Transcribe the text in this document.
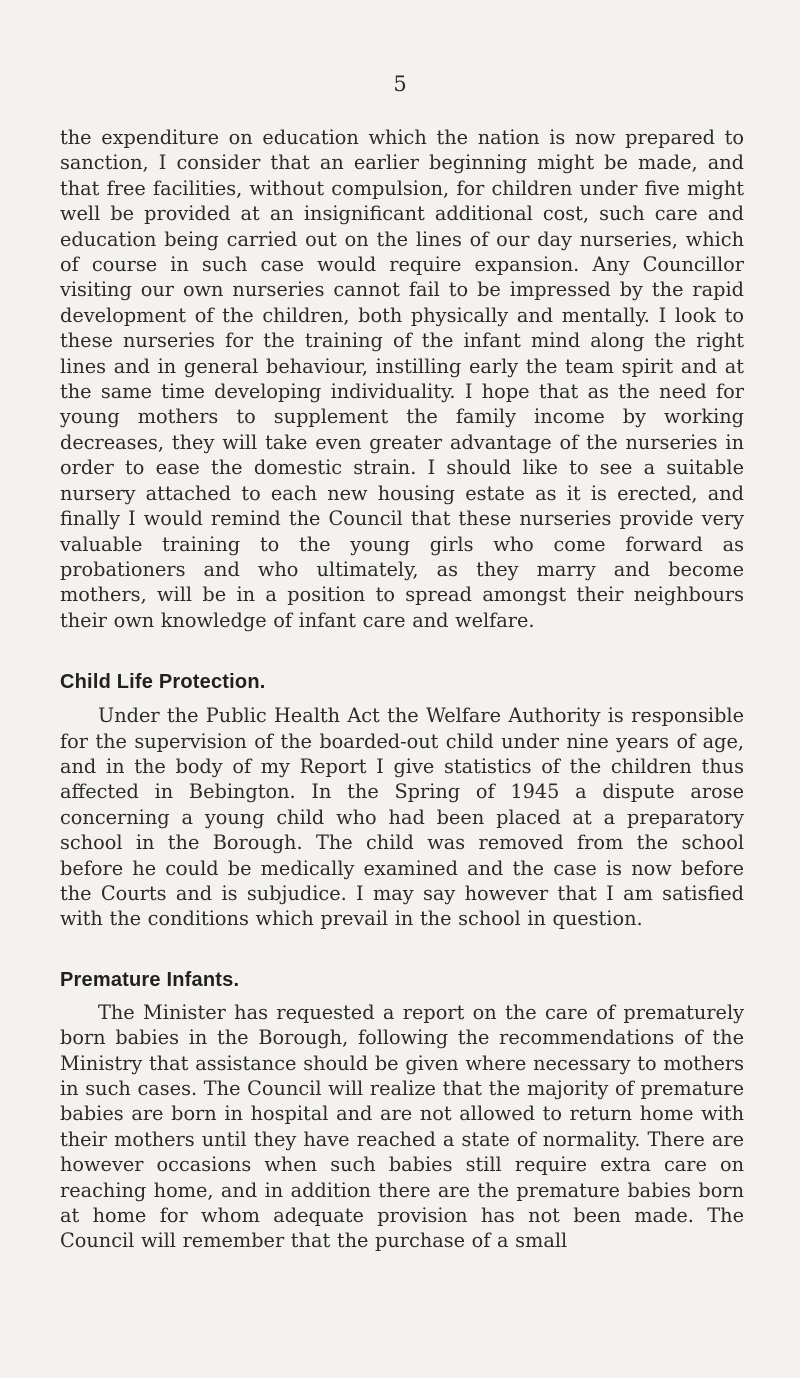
5

the expenditure on education which the nation is now prepared to sanction, I consider that an earlier beginning might be made, and that free facilities, without compulsion, for children under five might well be provided at an insignificant additional cost, such care and education being carried out on the lines of our day nurseries, which of course in such case would require expansion. Any Councillor visiting our own nurseries cannot fail to be impressed by the rapid development of the children, both physically and mentally. I look to these nurseries for the training of the infant mind along the right lines and in general behaviour, instilling early the team spirit and at the same time developing individuality. I hope that as the need for young mothers to supplement the family income by working decreases, they will take even greater advantage of the nurseries in order to ease the domestic strain. I should like to see a suitable nursery attached to each new housing estate as it is erected, and finally I would remind the Council that these nurseries provide very valuable training to the young girls who come forward as probationers and who ultimately, as they marry and become mothers, will be in a position to spread amongst their neighbours their own knowledge of infant care and welfare.

Child Life Protection.

Under the Public Health Act the Welfare Authority is responsible for the supervision of the boarded-out child under nine years of age, and in the body of my Report I give statistics of the children thus affected in Bebington. In the Spring of 1945 a dispute arose concerning a young child who had been placed at a preparatory school in the Borough. The child was removed from the school before he could be medically examined and the case is now before the Courts and is subjudice. I may say however that I am satisfied with the conditions which prevail in the school in question.

Premature Infants.

The Minister has requested a report on the care of prematurely born babies in the Borough, following the recommendations of the Ministry that assistance should be given where necessary to mothers in such cases. The Council will realize that the majority of premature babies are born in hospital and are not allowed to return home with their mothers until they have reached a state of normality. There are however occasions when such babies still require extra care on reaching home, and in addition there are the premature babies born at home for whom adequate provision has not been made. The Council will remember that the purchase of a small
